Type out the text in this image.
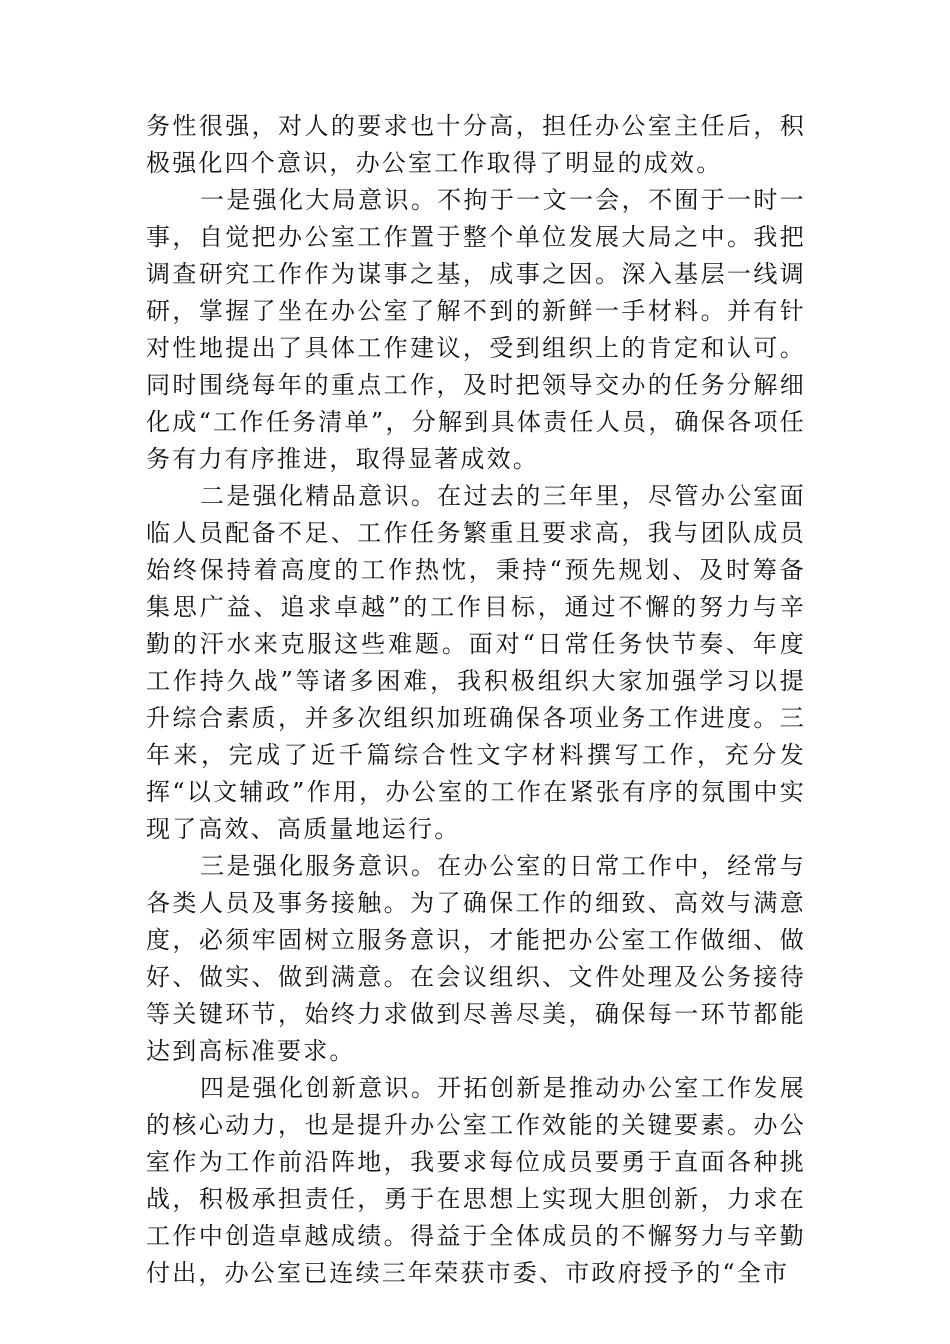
务性很强，对人的要求也十分高，担任办公室主任后，积极强化四个意识，办公室工作取得了明显的成效。

一是强化大局意识。不拘于一文一会，不囿于一时一事，自觉把办公室工作置于整个单位发展大局之中。我把调查研究工作作为谋事之基，成事之因。深入基层一线调研，掌握了坐在办公室了解不到的新鲜一手材料。并有针对性地提出了具体工作建议，受到组织上的肯定和认可。同时围绕每年的重点工作，及时把领导交办的任务分解细化成“工作任务清单”，分解到具体责任人员，确保各项任务有力有序推进，取得显著成效。

二是强化精品意识。在过去的三年里，尽管办公室面临人员配备不足、工作任务繁重且要求高，我与团队成员始终保持着高度的工作热忱，秉持“预先规划、及时筹备集思广益、追求卓越”的工作目标，通过不懈的努力与辛勤的汗水来克服这些难题。面对“日常任务快节奏、年度工作持久战”等诸多困难，我积极组织大家加强学习以提升综合素质，并多次组织加班确保各项业务工作进度。三年来，完成了近千篇综合性文字材料撰写工作，充分发挥“以文辅政”作用，办公室的工作在紧张有序的氛围中实现了高效、高质量地运行。

三是强化服务意识。在办公室的日常工作中，经常与各类人员及事务接触。为了确保工作的细致、高效与满意度，必须牢固树立服务意识，才能把办公室工作做细、做好、做实、做到满意。在会议组织、文件处理及公务接待等关键环节，始终力求做到尽善尽美，确保每一环节都能达到高标准要求。

四是强化创新意识。开拓创新是推动办公室工作发展的核心动力，也是提升办公室工作效能的关键要素。办公室作为工作前沿阵地，我要求每位成员要勇于直面各种挑战，积极承担责任，勇于在思想上实现大胆创新，力求在工作中创造卓越成绩。得益于全体成员的不懈努力与辛勤付出，办公室已连续三年荣获市委、市政府授予的“全市
